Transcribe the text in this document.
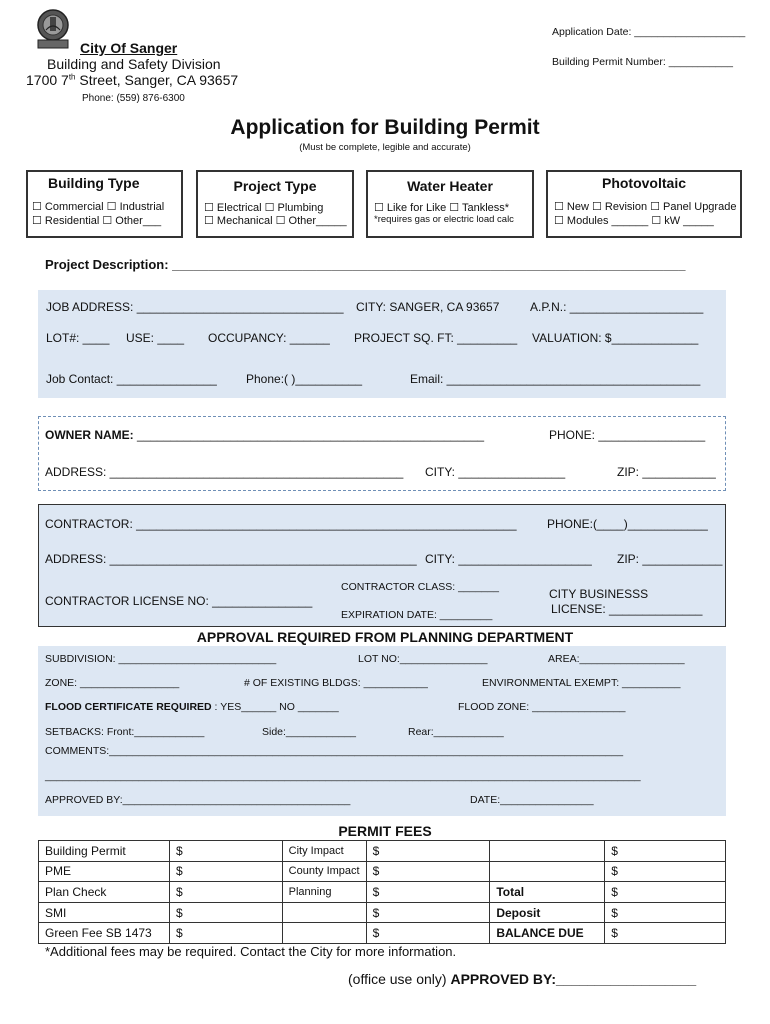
City Of Sanger
Building and Safety Division
1700 7th Street, Sanger, CA 93657
Phone: (559) 876-6300
Application Date: ___________________
Building Permit Number: ___________
Application for Building Permit
(Must be complete, legible and accurate)
Building Type
☐ Commercial ☐ Industrial
☐ Residential ☐ Other___
Project Type
☐ Electrical ☐ Plumbing
☐ Mechanical ☐ Other_____
Water Heater
☐ Like for Like ☐ Tankless*
*requires gas or electric load calc
Photovoltaic
☐ New ☐ Revision ☐ Panel Upgrade
☐ Modules ______ ☐ kW _____
Project Description: _______________________________________________________________________
JOB ADDRESS: _______________________________ CITY: SANGER, CA 93657	A.P.N.: ____________________
LOT#: ____ USE: ____ OCCUPANCY: ______ PROJECT SQ. FT: _________ VALUATION: $_____________
Job Contact: _______________ Phone:( )__________	Email: ______________________________________
OWNER NAME: ____________________________________________________	PHONE: ________________
ADDRESS: ____________________________________________ CITY: ________________	ZIP: ___________
CONTRACTOR: _________________________________________________________	PHONE:(____)____________
ADDRESS: ______________________________________________ CITY: ____________________ ZIP: ____________
CONTRACTOR LICENSE NO: _______________
CONTRACTOR CLASS: _______
EXPIRATION DATE: _________
CITY BUSINESSS
LICENSE: ______________
APPROVAL REQUIRED FROM PLANNING DEPARTMENT
SUBDIVISION: ___________________________	LOT NO:_______________	AREA:__________________
ZONE: _________________	# OF EXISTING BLDGS: ___________	ENVIRONMENTAL EXEMPT: __________
FLOOD CERTIFICATE REQUIRED : YES______ NO _______	FLOOD ZONE: ________________
SETBACKS: Front:____________	Side:____________	Rear:____________
COMMENTS:________________________________________________________________________________________
______________________________________________________________________________________________________
APPROVED BY:_______________________________________	DATE:________________
PERMIT FEES
Building Permit	$	City Impact	$		$
PME	$	County Impact	$		$
Plan Check	$	Planning	$	Total	$
SMI	$		$	Deposit	$
Green Fee SB 1473	$		$	BALANCE DUE	$
*Additional fees may be required. Contact the City for more information.
(office use only) APPROVED BY:__________________
